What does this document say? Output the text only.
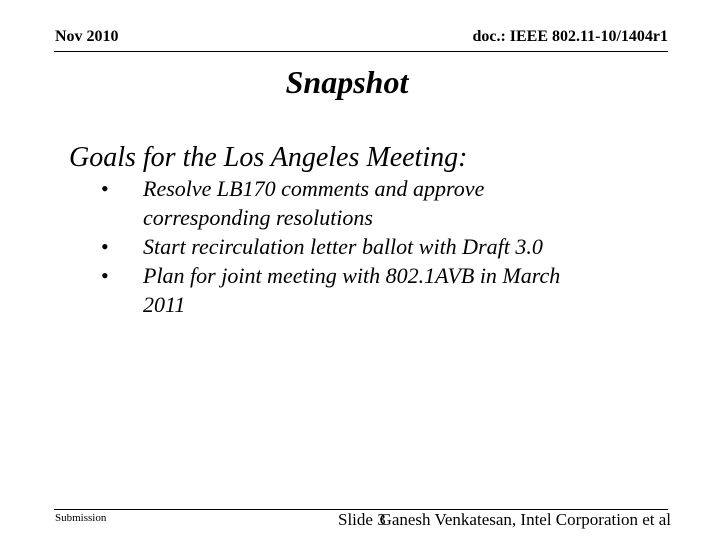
Nov 2010	doc.: IEEE 802.11-10/1404r1
Snapshot
Goals for the Los Angeles Meeting:
• Resolve LB170 comments and approve corresponding resolutions
• Start recirculation letter ballot with Draft 3.0
• Plan for joint meeting with 802.1AVB in March 2011
Submission	Slide 3
Ganesh Venkatesan, Intel Corporation et al
